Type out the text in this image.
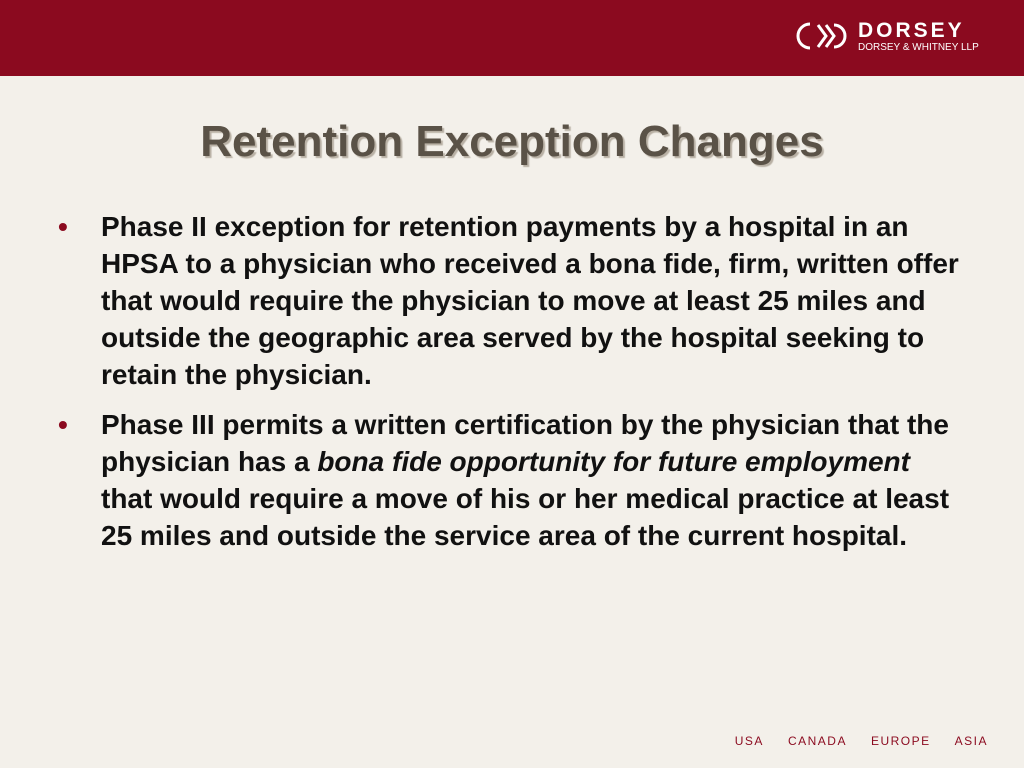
DORSEY
DORSEY & WHITNEY LLP
Retention Exception Changes
• Phase II exception for retention payments by a hospital in an HPSA to a physician who received a bona fide, firm, written offer that would require the physician to move at least 25 miles and outside the geographic area served by the hospital seeking to retain the physician.
• Phase III permits a written certification by the physician that the physician has a bona fide opportunity for future employment that would require a move of his or her medical practice at least 25 miles and outside the service area of the current hospital.
USA CANADA EUROPE ASIA
